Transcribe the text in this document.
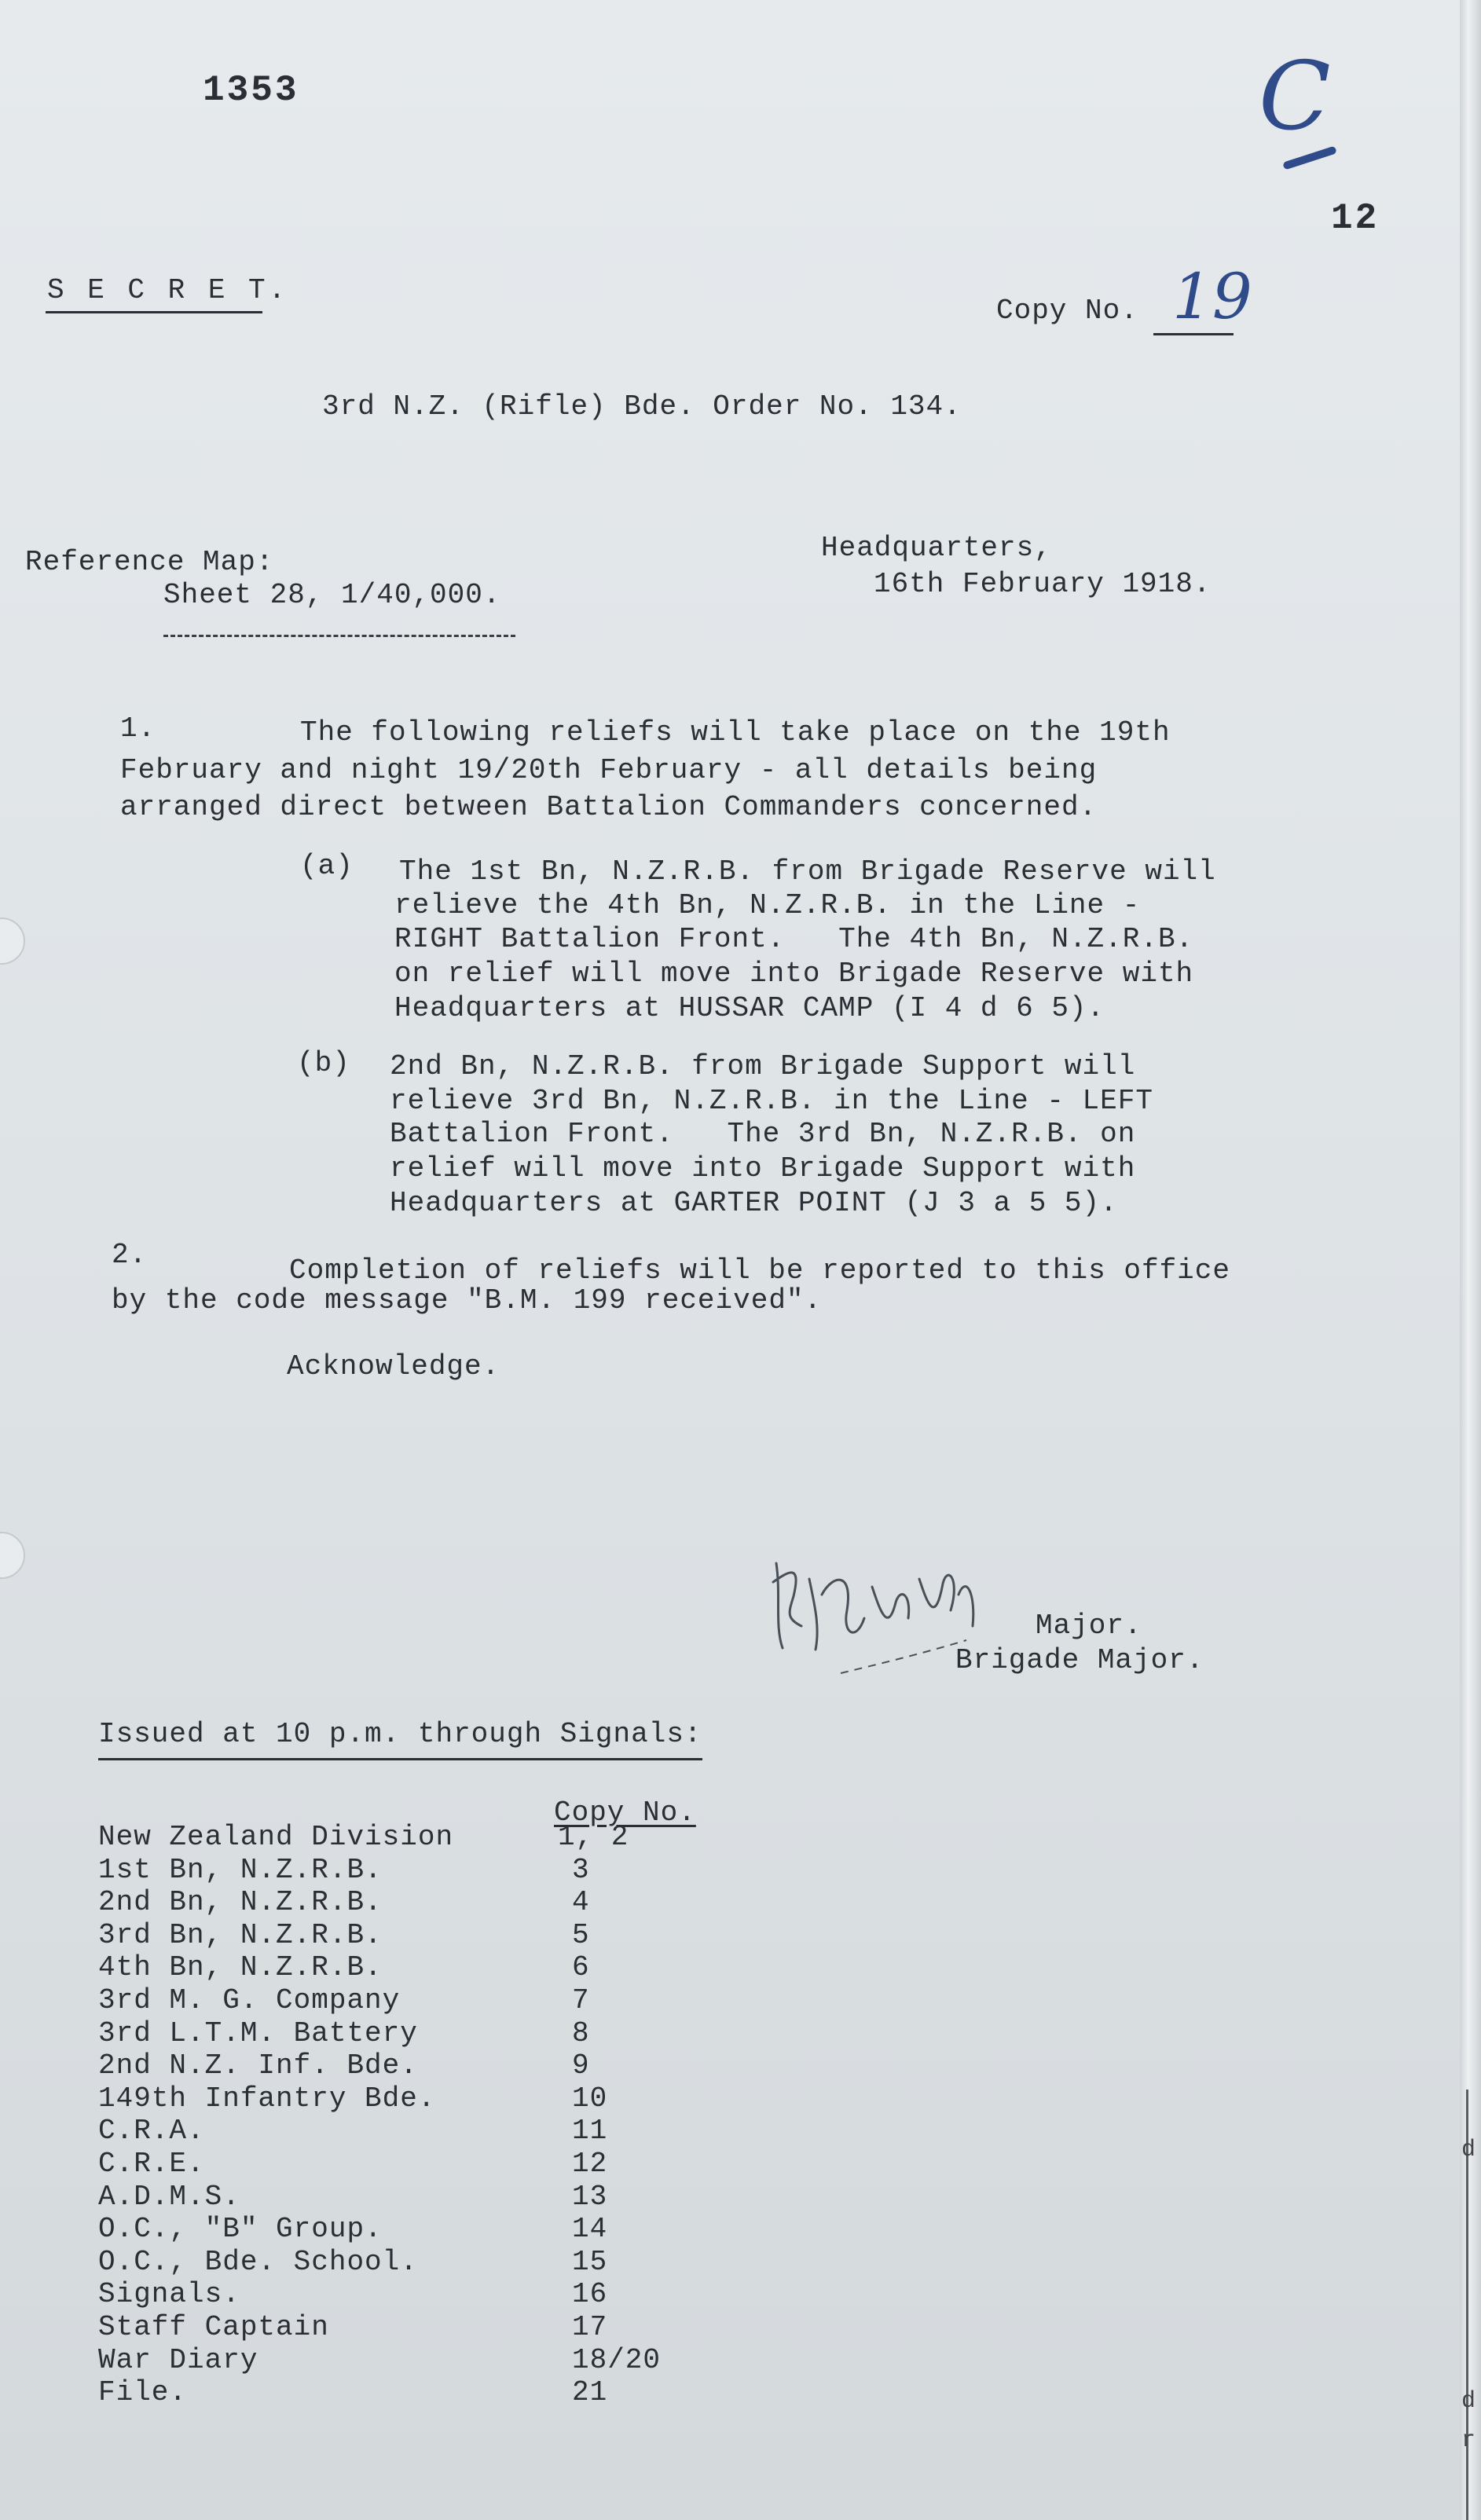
d
d
r
1353	C
12
S E C R E T.
Copy No. 19
3rd N.Z. (Rifle) Bde. Order No. 134.
Reference Map:
Sheet 28, 1/40,000.
Headquarters,
16th February 1918.
1.	The following reliefs will take place on the 19th
February and night 19/20th February - all details being
arranged direct between Battalion Commanders concerned.
(a) The 1st Bn, N.Z.R.B. from Brigade Reserve will
relieve the 4th Bn, N.Z.R.B. in the Line -
RIGHT Battalion Front.   The 4th Bn, N.Z.R.B.
on relief will move into Brigade Reserve with
Headquarters at HUSSAR CAMP (I 4 d 6 5).
(b) 2nd Bn, N.Z.R.B. from Brigade Support will
relieve 3rd Bn, N.Z.R.B. in the Line - LEFT
Battalion Front.   The 3rd Bn, N.Z.R.B. on
relief will move into Brigade Support with
Headquarters at GARTER POINT (J 3 a 5 5).
2.	Completion of reliefs will be reported to this office
by the code message "B.M. 199 received".
Acknowledge.
Major.
Brigade Major.
Issued at 10 p.m. through Signals:
Copy No.
New Zealand Division	1, 2
1st Bn, N.Z.R.B.	3
2nd Bn, N.Z.R.B.	4
3rd Bn, N.Z.R.B.	5
4th Bn, N.Z.R.B.	6
3rd M. G. Company	7
3rd L.T.M. Battery	8
2nd N.Z. Inf. Bde.	9
149th Infantry Bde.	10
C.R.A.	11
C.R.E.	12
A.D.M.S.	13
O.C., "B" Group.	14
O.C., Bde. School.	15
Signals.	16
Staff Captain	17
War Diary	18/20
File.	21
